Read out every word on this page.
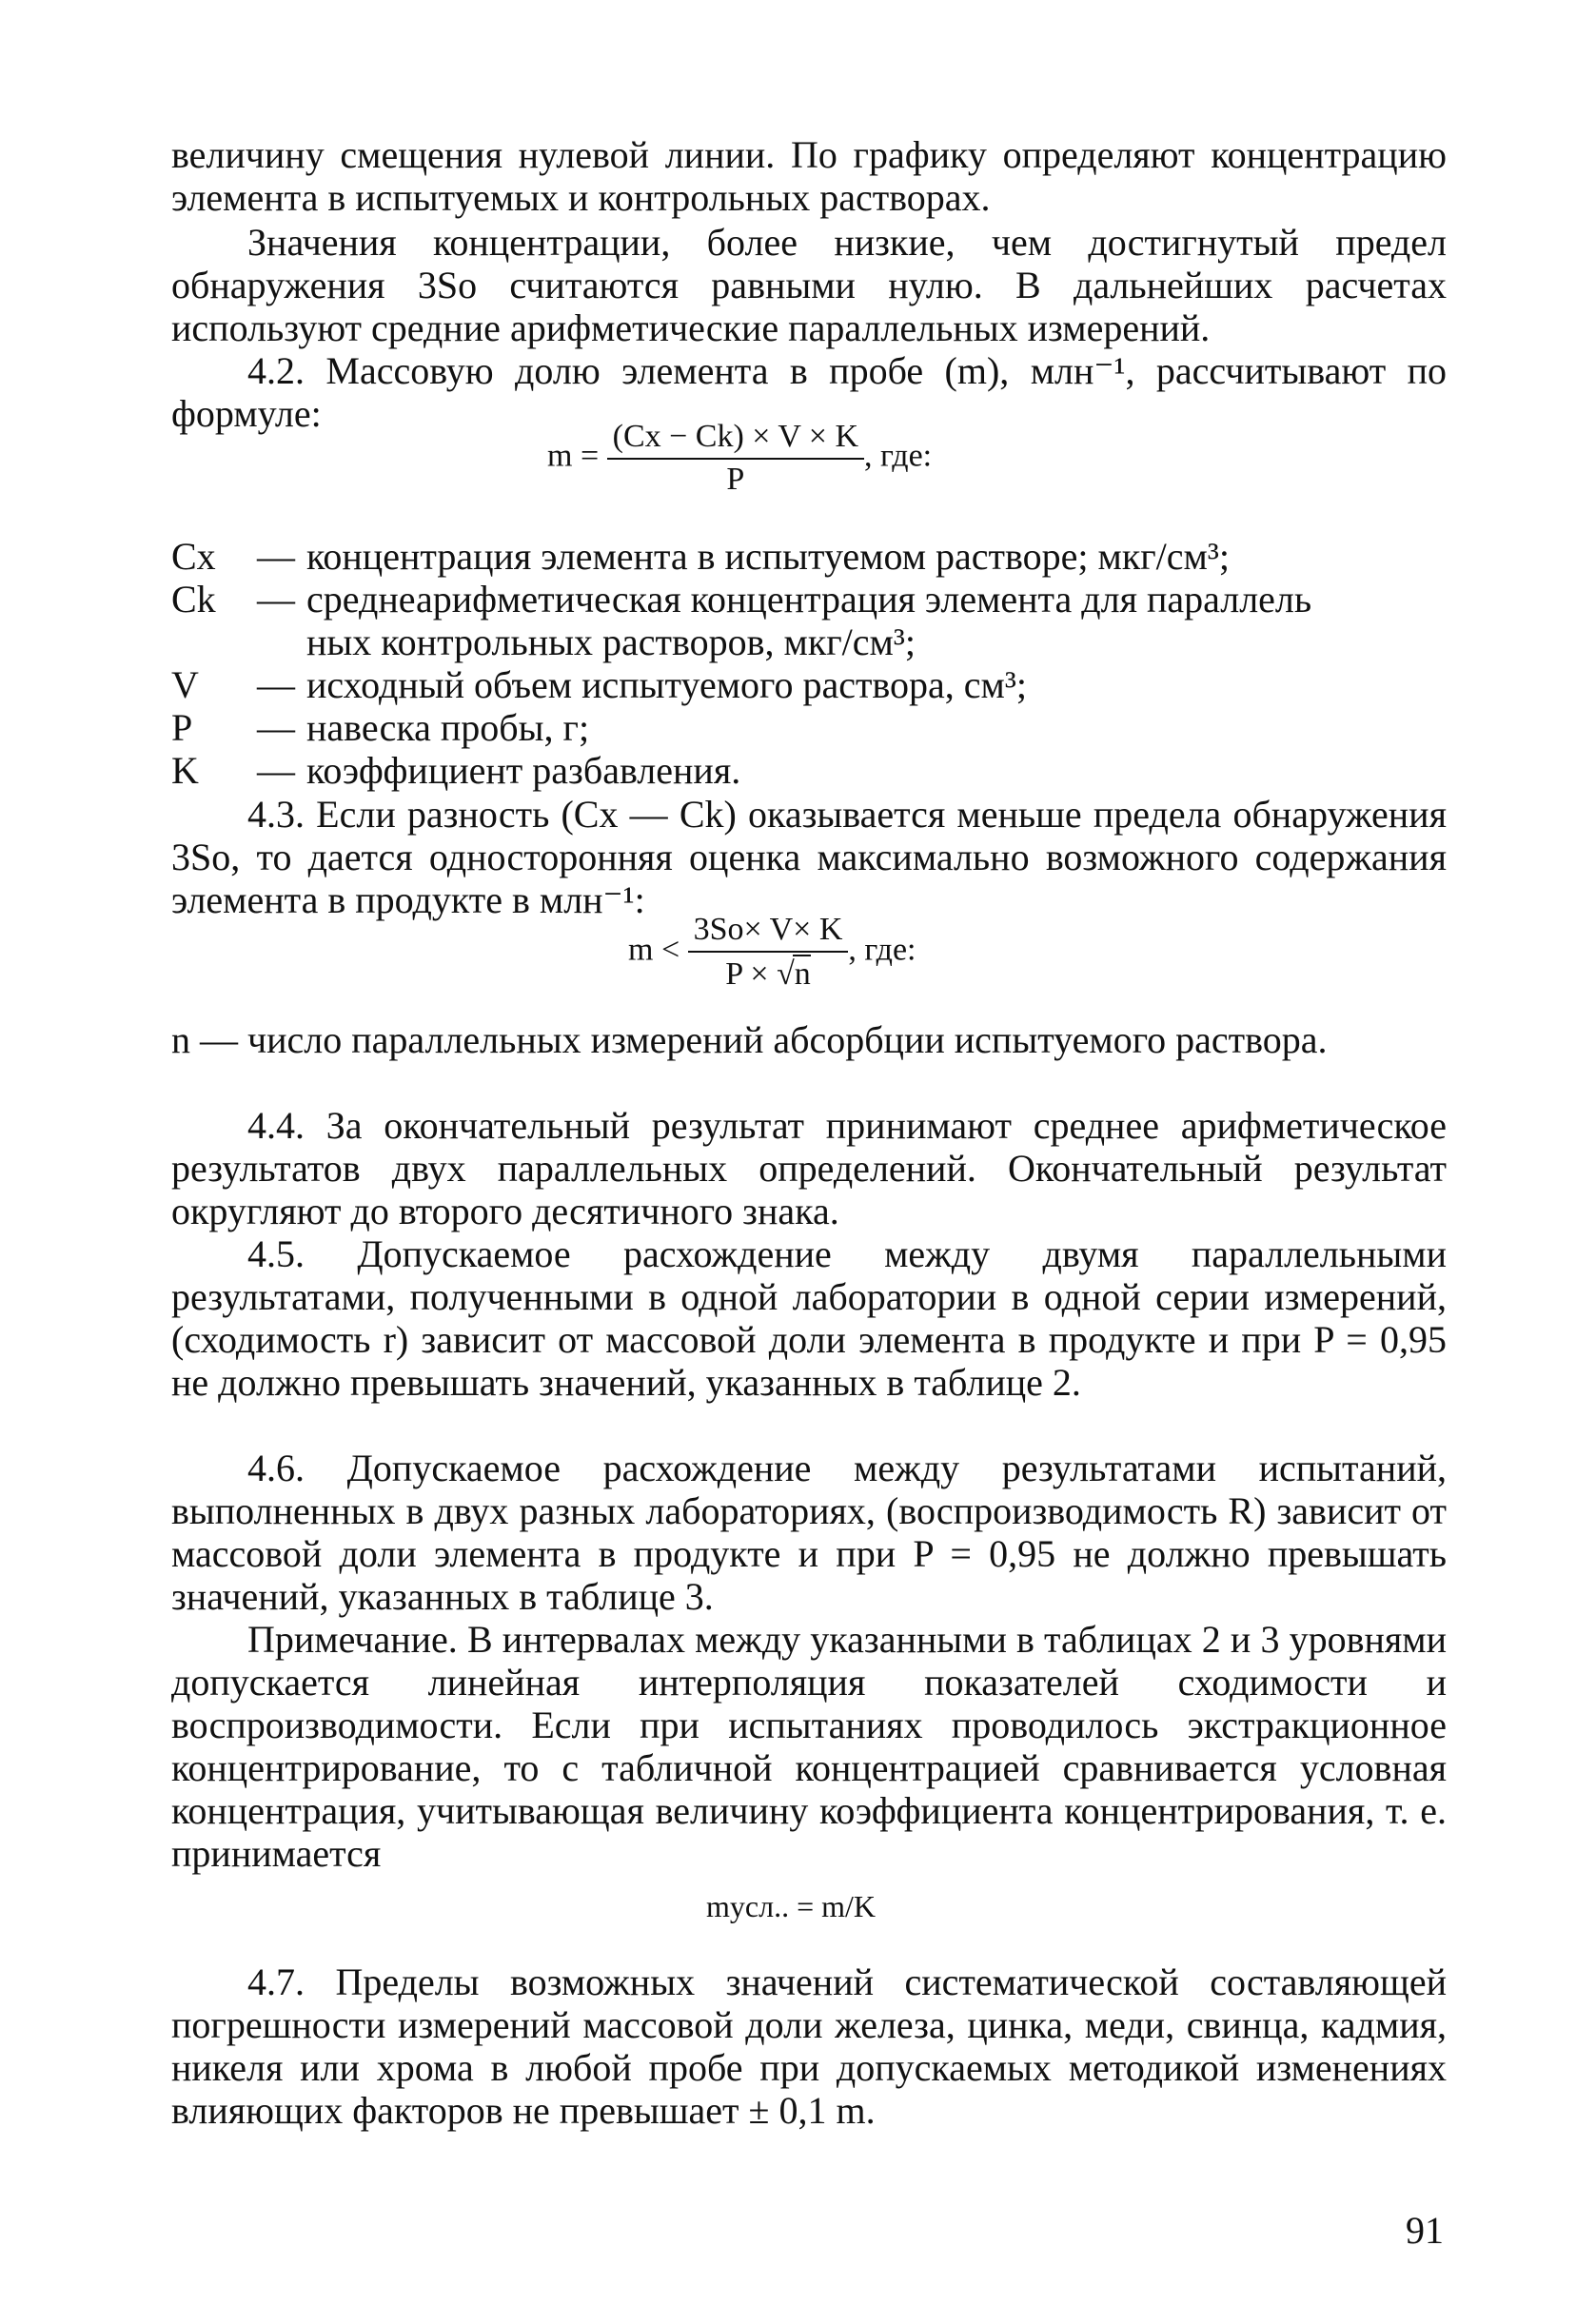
величину смещения нулевой линии. По графику определяют концентрацию элемента в испытуемых и контрольных растворах.

Значения концентрации, более низкие, чем достигнутый предел обнаружения 3So считаются равными нулю. В дальнейших расчетах используют средние арифметические параллельных измерений.

4.2. Массовую долю элемента в пробе (m), млн⁻¹, рассчитывают по формуле:

$m = \frac{(Cx - Ck) \times V \times K}{P}$ , где:
Cx	— концентрация элемента в испытуемом растворе; мкг/см³;
Ck	— среднеарифметическая концентрация элемента для параллель
ных контрольных растворов, мкг/см³;
V	— исходный объем испытуемого раствора, см³;
P	— навеска пробы, г;
K	— коэффициент разбавления.

4.3. Если разность (Cx — Ck) оказывается меньше предела обнаружения 3So, то дается односторонняя оценка максимально возможного содержания элемента в продукте в млн⁻¹:

$m < \frac{3So\times V\times K}{P \times √n}$ , где:

n — число параллельных измерений абсорбции испытуемого раствора.

4.4. За окончательный результат принимают среднее арифметическое результатов двух параллельных определений. Окончательный результат округляют до второго десятичного знака.

4.5. Допускаемое расхождение между двумя параллельными результатами, полученными в одной лаборатории в одной серии измерений, (сходимость r) зависит от массовой доли элемента в продукте и при P = 0,95 не должно превышать значений, указанных в таблице 2.

4.6. Допускаемое расхождение между результатами испытаний, выполненных в двух разных лабораториях, (воспроизводимость R) зависит от массовой доли элемента в продукте и при P = 0,95 не должно превышать значений, указанных в таблице 3.

Примечание. В интервалах между указанными в таблицах 2 и 3 уровнями допускается линейная интерполяция показателей сходимости и воспроизводимости. Если при испытаниях проводилось экстракционное концентрирование, то с табличной концентрацией сравнивается условная концентрация, учитывающая величину коэффициента концентрирования, т. е. принимается

mусл.. = m/K

4.7. Пределы возможных значений систематической составляющей погрешности измерений массовой доли железа, цинка, меди, свинца, кадмия, никеля или хрома в любой пробе при допускаемых методикой изменениях влияющих факторов не превышает ± 0,1 m.

91
